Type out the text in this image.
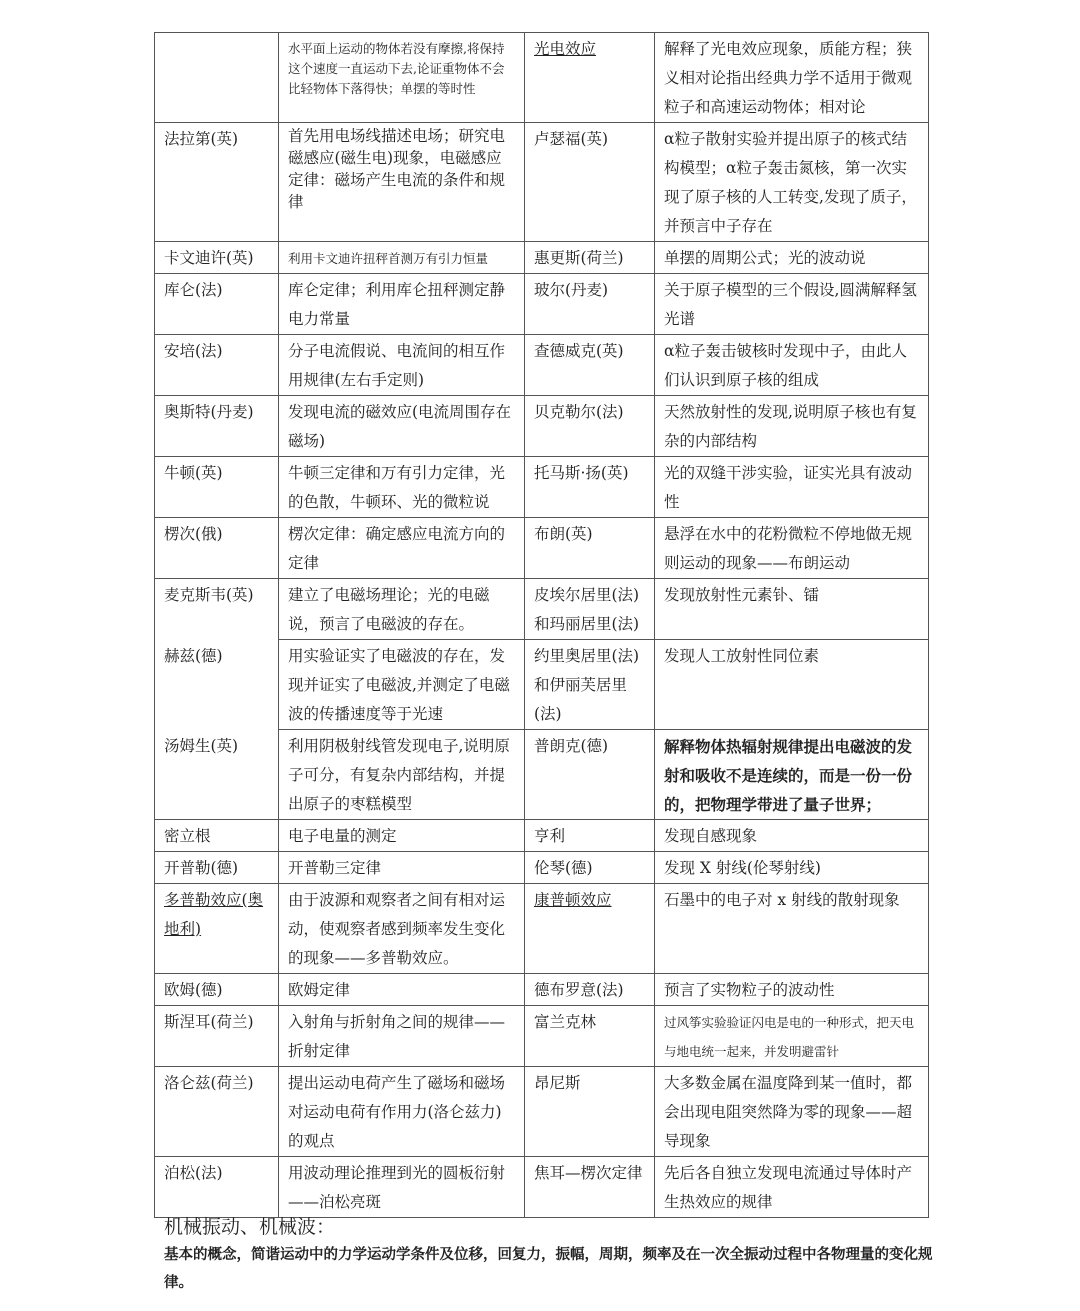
	水平面上运动的物体若没有摩擦,将保持这个速度一直运动下去,论证重物体不会比轻物体下落得快；单摆的等时性	光电效应	解释了光电效应现象，质能方程；狭义相对论指出经典力学不适用于微观粒子和高速运动物体；相对论
法拉第(英)	首先用电场线描述电场；研究电磁感应(磁生电)现象，电磁感应定律：磁场产生电流的条件和规律	卢瑟福(英)	α粒子散射实验并提出原子的核式结构模型；α粒子轰击氮核，第一次实现了原子核的人工转变,发现了质子，并预言中子存在
卡文迪许(英)	利用卡文迪许扭秤首测万有引力恒量	惠更斯(荷兰)	单摆的周期公式；光的波动说
库仑(法)	库仑定律；利用库仑扭秤测定静电力常量	玻尔(丹麦)	关于原子模型的三个假设,圆满解释氢光谱
安培(法)	分子电流假说、电流间的相互作用规律(左右手定则)	查德威克(英)	α粒子轰击铍核时发现中子，由此人们认识到原子核的组成
奥斯特(丹麦)	发现电流的磁效应(电流周围存在磁场)	贝克勒尔(法)	天然放射性的发现,说明原子核也有复杂的内部结构
牛顿(英)	牛顿三定律和万有引力定律，光的色散，牛顿环、光的微粒说	托马斯·扬(英)	光的双缝干涉实验，证实光具有波动性
楞次(俄)	楞次定律：确定感应电流方向的定律	布朗(英)	悬浮在水中的花粉微粒不停地做无规则运动的现象——布朗运动
麦克斯韦(英)	建立了电磁场理论；光的电磁说，预言了电磁波的存在。	皮埃尔居里(法)和玛丽居里(法)	发现放射性元素钋、镭
赫兹(德)	用实验证实了电磁波的存在，发现并证实了电磁波,并测定了电磁波的传播速度等于光速	约里奥居里(法)和伊丽芙居里(法)	发现人工放射性同位素
汤姆生(英)	利用阴极射线管发现电子,说明原子可分，有复杂内部结构，并提出原子的枣糕模型	普朗克(德)	解释物体热辐射规律提出电磁波的发射和吸收不是连续的，而是一份一份的，把物理学带进了量子世界；
密立根	电子电量的测定	亨利	发现自感现象
开普勒(德)	开普勒三定律	伦琴(德)	发现 X 射线(伦琴射线)
多普勒效应(奥地利)	由于波源和观察者之间有相对运动，使观察者感到频率发生变化的现象——多普勒效应。	康普顿效应	石墨中的电子对 x 射线的散射现象
欧姆(德)	欧姆定律	德布罗意(法)	预言了实物粒子的波动性
斯涅耳(荷兰)	入射角与折射角之间的规律——折射定律	富兰克林	过风筝实验验证闪电是电的一种形式，把天电与地电统一起来，并发明避雷针
洛仑兹(荷兰)	提出运动电荷产生了磁场和磁场对运动电荷有作用力(洛仑兹力)的观点	昂尼斯	大多数金属在温度降到某一值时，都会出现电阻突然降为零的现象——超导现象
泊松(法)	用波动理论推理到光的圆板衍射——泊松亮斑	焦耳—楞次定律	先后各自独立发现电流通过导体时产生热效应的规律
机械振动、机械波：
基本的概念，简谐运动中的力学运动学条件及位移，回复力，振幅，周期，频率及在一次全振动过程中各物理量的变化规律。
